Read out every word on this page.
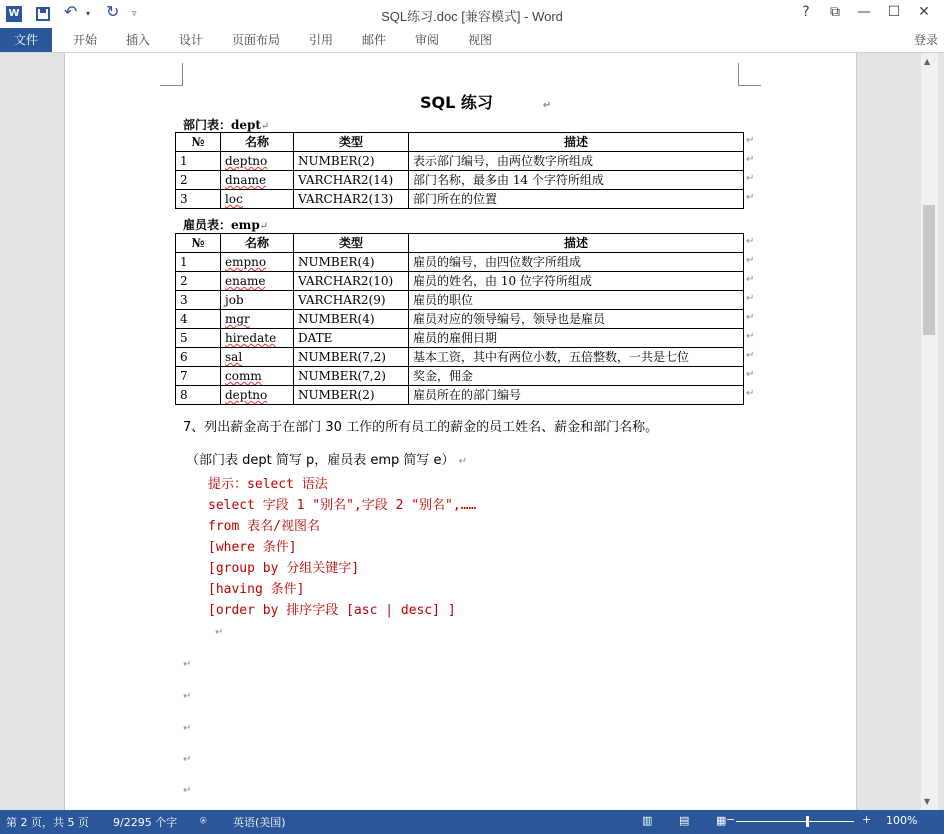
W	↶ ▾ ↻ ▿	SQL练习.doc [兼容模式] - Word	?	⧉	— ☐ ✕
文件	开始 插入 设计 页面布局 引用 邮件 审阅 视图	登录
SQL 练习	↵
部门表：dept↵
№	名称	类型	描述
1	deptno	NUMBER(2)	表示部门编号，由两位数字所组成
2	dname	VARCHAR2(14)	部门名称，最多由 14 个字符所组成
3	loc	VARCHAR2(13)	部门所在的位置
雇员表：emp↵
№	名称	类型	描述
1	empno	NUMBER(4)	雇员的编号，由四位数字所组成
2	ename	VARCHAR2(10)	雇员的姓名，由 10 位字符所组成
3	job	VARCHAR2(9)	雇员的职位
4	mgr	NUMBER(4)	雇员对应的领导编号，领导也是雇员
5	hiredate	DATE	雇员的雇佣日期
6	sal	NUMBER(7,2)	基本工资，其中有两位小数，五倍整数，一共是七位
7	comm	NUMBER(7,2)	奖金，佣金
8	deptno	NUMBER(2)	雇员所在的部门编号
7、列出薪金高于在部门 30 工作的所有员工的薪金的员工姓名、薪金和部门名称。
（部门表 dept 简写 p，雇员表 emp 简写 e） ↵
提示：select 语法
select 字段 1 "别名",字段 2 "别名",……
from 表名/视图名
[where 条件]
[group by 分组关键字]
[having 条件]
[order by 排序字段 [asc | desc] ]
↵
↵
↵
↵
↵
↵
▲
▼
第 2 页，共 5 页 9/2295 个字 ⍟ 英语(美国)	▥ ▤ ▦ −	+ 100%
↵
↵
↵
↵
↵
↵
↵
↵
↵
↵
↵
↵
↵
